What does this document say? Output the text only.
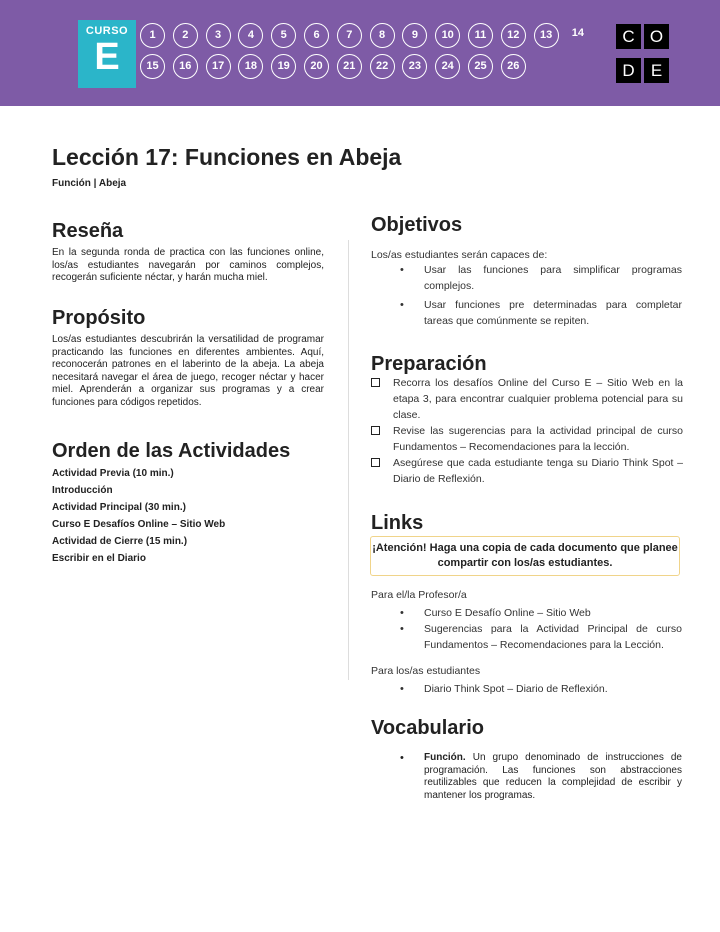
CURSO
E
1	2	3	4	5	6	7	8	9	10	11	12	13	14
15	16	17	18	19	20	21	22	23	24	25	26
C O
D E
Lección 17: Funciones en Abeja
Función | Abeja
Reseña
En la segunda ronda de practica con las funciones online, los/as estudiantes navegarán por caminos complejos, recogerán suficiente néctar, y harán mucha miel.
Propósito
Los/as estudiantes descubrirán la versatilidad de programar practicando las funciones en diferentes ambientes. Aquí, reconocerán patrones en el laberinto de la abeja. La abeja necesitará navegar el área de juego, recoger néctar y hacer miel. Aprenderán a organizar sus programas y a crear funciones para códigos repetidos.
Orden de las Actividades
Actividad Previa (10 min.)
Introducción
Actividad Principal (30 min.)
Curso E Desafíos Online – Sitio Web
Actividad de Cierre (15 min.)
Escribir en el Diario
Objetivos
Los/as estudiantes serán capaces de:
• Usar las funciones para simplificar programas complejos.
• Usar funciones pre determinadas para completar tareas que comúnmente se repiten.
Preparación
Recorra los desafíos Online del Curso E – Sitio Web en la etapa 3, para encontrar cualquier problema potencial para su clase.
Revise las sugerencias para la actividad principal de curso Fundamentos – Recomendaciones para la lección.
Asegúrese que cada estudiante tenga su Diario Think Spot – Diario de Reflexión.
Links
¡Atención! Haga una copia de cada documento que planee compartir con los/as estudiantes.
Para el/la Profesor/a
• Curso E Desafío Online – Sitio Web
• Sugerencias para la Actividad Principal de curso Fundamentos – Recomendaciones para la Lección.
Para los/as estudiantes
• Diario Think Spot – Diario de Reflexión.
Vocabulario
• Función. Un grupo denominado de instrucciones de programación. Las funciones son abstracciones reutilizables que reducen la complejidad de escribir y mantener los programas.
